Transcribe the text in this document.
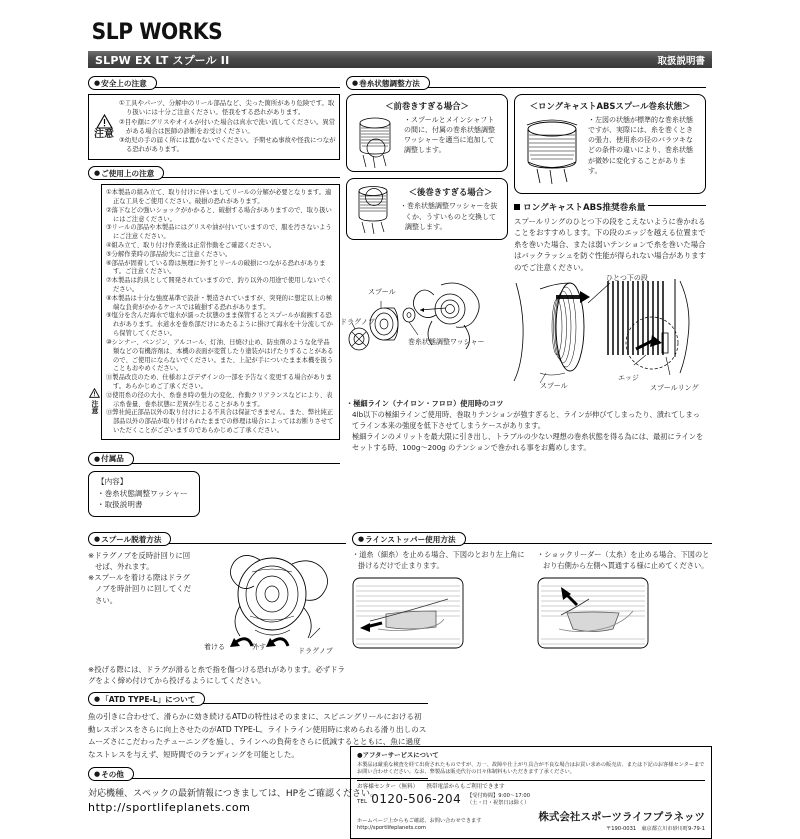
SLP WORKS
SLPW EX LT スプール II	取扱説明書
● 安全上の注意
注意
①工具やパーツ、分解中のリール部品など、尖った箇所があり危険です。取り扱いには十分ご注意ください。怪我をする恐れがあります。
②目や顔にグリスやオイルが付いた場合は真水で洗い流してください。異常がある場合は医師の診断をお受けください。
③幼児の手の届く所には置かないでください。予期せぬ事故や怪我につながる恐れがあります。
● ご使用上の注意
注意
①本製品の組み立て、取り付けに伴いましてリールの分解が必要となります。適正な工具をご使用ください。破損の恐れがあります。
②落下などの強いショックがかかると、破損する場合がありますので、取り扱いにはご注意ください。
③リールの部品や本製品にはグリスや油が付いていますので、服を汚さないようにご注意ください。
④組み立て、取り付け作業後は正常作動をご確認ください。
⑤分解作業時の部品紛失にご注意ください。
⑥部品が固着している際は無理に外すとリールの破損につながる恐れがあります。ご注意ください。
⑦本製品は釣具として開発されていますので、釣り以外の用途で使用しないでください。
⑧本製品は十分な強度基準で設計・製造されていますが、突発的に想定以上の極端な負荷がかかるケースでは破損する恐れがあります。
⑨塩分を含んだ海水で塩水が濡った状態のまま保管するとスプールが腐蝕する恐れがあります。水道水を巻糸部だけにあたるように掛けて海水を十分流してから保管してください。
⑩シンナー、ベンジン、アルコール、灯油、日焼け止め、防虫剤のような化学品類などの有機溶剤は、本機の表面が変質したり塗装がはげたりすることがあるので、ご使用にならないでください。また、上記が手についたまま本機を扱うこともおやめください。
⑪製品改良のため、仕様およびデザインの一部を予告なく変更する場合があります。あらかじめご了承ください。
⑫使用糸の径の大小、糸巻き時の張力の変化、作動クリアランスなどにより、表示糸巻量、巻糸状態に差異が生じることがあります。
⑬弊社純正部品以外の取り付けによる不具合は保証できません。また、弊社純正部品以外の部品が取り付けられたままでの修理は場合によってはお断りさせていただくことがございますのであらかじめご了承ください。
● 付属品
【内容】
・巻糸状態調整ワッシャー
・取扱説明書
● 巻糸状態調整方法
＜前巻きすぎる場合＞
・スプールとメインシャフトの間に、付属の巻糸状態調整ワッシャーを適当に追加して調整します。
＜後巻きすぎる場合＞
・巻糸状態調整ワッシャーを抜くか、うすいものと交換して調整します。
＜ロングキャストABSスプール巻糸状態＞
・左図の状態が標準的な巻糸状態ですが、実際には、糸を巻くときの張力、使用糸の径のバラツキなどの条件の違いにより、巻糸状態が微妙に変化することがあります。
ロングキャストABS推奨巻糸量
スプールリングのひとつ下の段をこえないように巻かれることをおすすめします。下の段のエッジを越える位置まで糸を巻いた場合、または弱いテンションで糸を巻いた場合はバックラッシュを防ぐ性能が得られない場合がありますのでご注意ください。
スプール
ドラグノブ
巻糸状態調整ワッシャー
ひとつ下の段
エッジ
スプールリング
スプール
・極細ライン（ナイロン・フロロ）使用時のコツ
4lb以下の極細ラインご使用時、巻取りテンションが強すぎると、ラインが伸びてしまったり、潰れてしまってライン本来の強度を低下させてしまうケースがあります。
極細ラインのメリットを最大限に引き出し、トラブルの少ない理想の巻糸状態を得る為には、最初にラインをセットする時、100g～200g のテンションで巻かれる事をお薦めします。
● スプール脱着方法
※ドラグノブを反時計回りに回せば、外れます。
※スプールを着ける際はドラグノブを時計回りに回してください。
着ける	外す	ドラグノブ
※投げる際には、ドラグが滑ると糸で指を傷つける恐れがあります。必ずドラグをよく締め付けてから投げるようにしてください。
● ラインストッパー使用方法
・道糸（細糸）を止める場合、下図のとおり左上角に掛けるだけで止まります。
・ショックリーダー（太糸）を止める場合、下図のとおり右側から左側へ貫通する様に止めてください。
● 「ATD TYPE-L」について
魚の引きに合わせて、滑らかに効き続けるATDの特性はそのままに、スピニングリールにおける初動レスポンスをさらに向上させたのがATD TYPE-L。ライトライン使用時に求められる滑り出しのスムーズさにこだわったチューニングを施し、ラインへの負荷をさらに低減するとともに、魚に過度なストレスを与えず、短時間でのランディングを可能とした。
● その他
対応機種、スペックの最新情報につきましては、HPをご確認ください。
http://sportlifeplanets.com
●アフターサービスについて
本製品は厳重な検査を経て出荷されたものですが、万一、故障や仕上がり具合が不良な場合はお買い求めの販売店、または下記のお客様センターまでお問い合わせください。なお、弊製品は販売代行の日々体制料もいただきます了承ください。
お客様センター（無料） 携帯電話からもご利用できます
TEL 0120-506-204 【受付時間】9:00～17:00
（土・日・祝祭日は除く）
ホームページ上からもご確認、お問い合わせできます
http://sportlifeplanets.com
株式会社スポーツライフプラネッツ
〒190-0031　東京都立川市砂川町9-79-1
